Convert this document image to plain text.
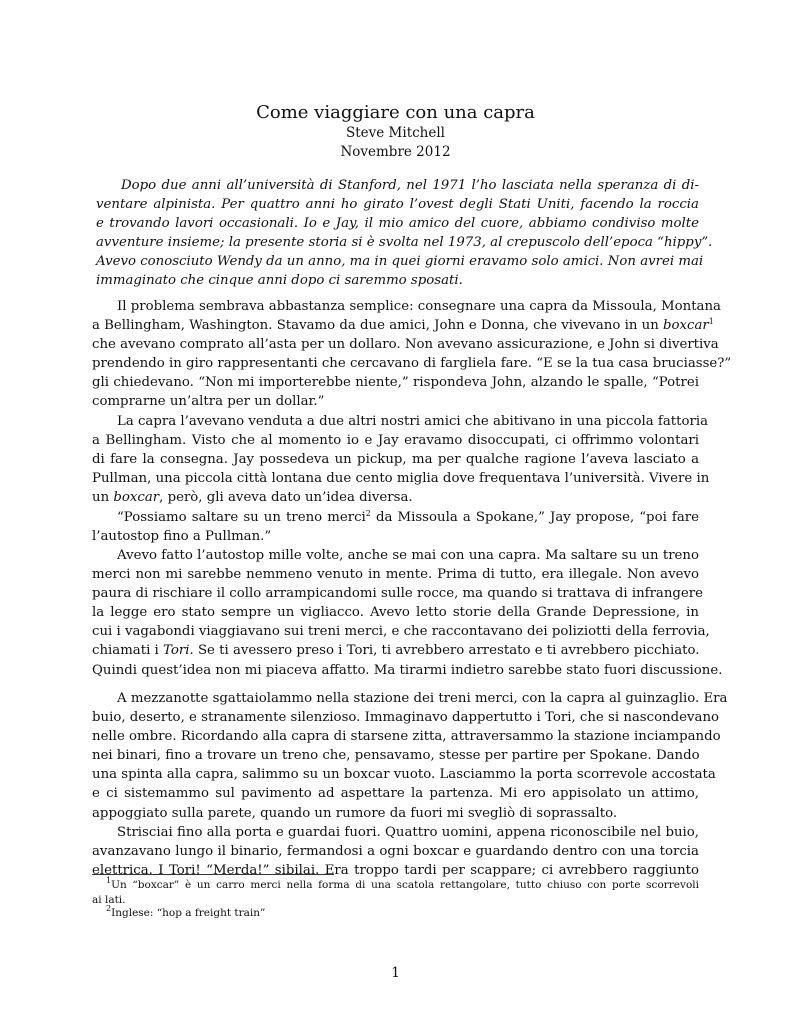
Come viaggiare con una capra
Steve Mitchell
Novembre 2012
Dopo due anni all’università di Stanford, nel 1971 l’ho lasciata nella speranza di di-
ventare alpinista. Per quattro anni ho girato l’ovest degli Stati Uniti, facendo la roccia
e trovando lavori occasionali. Io e Jay, il mio amico del cuore, abbiamo condiviso molte
avventure insieme; la presente storia si è svolta nel 1973, al crepuscolo dell’epoca “hippy”.
Avevo conosciuto Wendy da un anno, ma in quei giorni eravamo solo amici. Non avrei mai
immaginato che cinque anni dopo ci saremmo sposati.
Il problema sembrava abbastanza semplice: consegnare una capra da Missoula, Montana
a Bellingham, Washington. Stavamo da due amici, John e Donna, che vivevano in un boxcar$^1$
che avevano comprato all’asta per un dollaro. Non avevano assicurazione, e John si divertiva
prendendo in giro rappresentanti che cercavano di fargliela fare. “E se la tua casa bruciasse?”
gli chiedevano. “Non mi importerebbe niente,” rispondeva John, alzando le spalle, “Potrei
comprarne un’altra per un dollar.”
La capra l’avevano venduta a due altri nostri amici che abitivano in una piccola fattoria
a Bellingham. Visto che al momento io e Jay eravamo disoccupati, ci offrimmo volontari
di fare la consegna. Jay possedeva un pickup, ma per qualche ragione l’aveva lasciato a
Pullman, una piccola città lontana due cento miglia dove frequentava l’università. Vivere in
un boxcar, però, gli aveva dato un’idea diversa.
“Possiamo saltare su un treno merci$^2$ da Missoula a Spokane,” Jay propose, “poi fare
l’autostop fino a Pullman.”
Avevo fatto l’autostop mille volte, anche se mai con una capra. Ma saltare su un treno
merci non mi sarebbe nemmeno venuto in mente. Prima di tutto, era illegale. Non avevo
paura di rischiare il collo arrampicandomi sulle rocce, ma quando si trattava di infrangere
la legge ero stato sempre un vigliacco. Avevo letto storie della Grande Depressione, in
cui i vagabondi viaggiavano sui treni merci, e che raccontavano dei poliziotti della ferrovia,
chiamati i Tori. Se ti avessero preso i Tori, ti avrebbero arrestato e ti avrebbero picchiato.
Quindi quest’idea non mi piaceva affatto. Ma tirarmi indietro sarebbe stato fuori discussione.
A mezzanotte sgattaiolammo nella stazione dei treni merci, con la capra al guinzaglio. Era
buio, deserto, e stranamente silenzioso. Immaginavo dappertutto i Tori, che si nascondevano
nelle ombre. Ricordando alla capra di starsene zitta, attraversammo la stazione inciampando
nei binari, fino a trovare un treno che, pensavamo, stesse per partire per Spokane. Dando
una spinta alla capra, salimmo su un boxcar vuoto. Lasciammo la porta scorrevole accostata
e ci sistemammo sul pavimento ad aspettare la partenza. Mi ero appisolato un attimo,
appoggiato sulla parete, quando un rumore da fuori mi svegliò di soprassalto.
Strisciai fino alla porta e guardai fuori. Quattro uomini, appena riconoscibile nel buio,
avanzavano lungo il binario, fermandosi a ogni boxcar e guardando dentro con una torcia
elettrica. I Tori! “Merda!” sibilai. Era troppo tardi per scappare; ci avrebbero raggiunto
$^1$Un “boxcar” è un carro merci nella forma di una scatola rettangolare, tutto chiuso con porte scorrevoli
ai lati.
$^2$Inglese: “hop a freight train”
1
